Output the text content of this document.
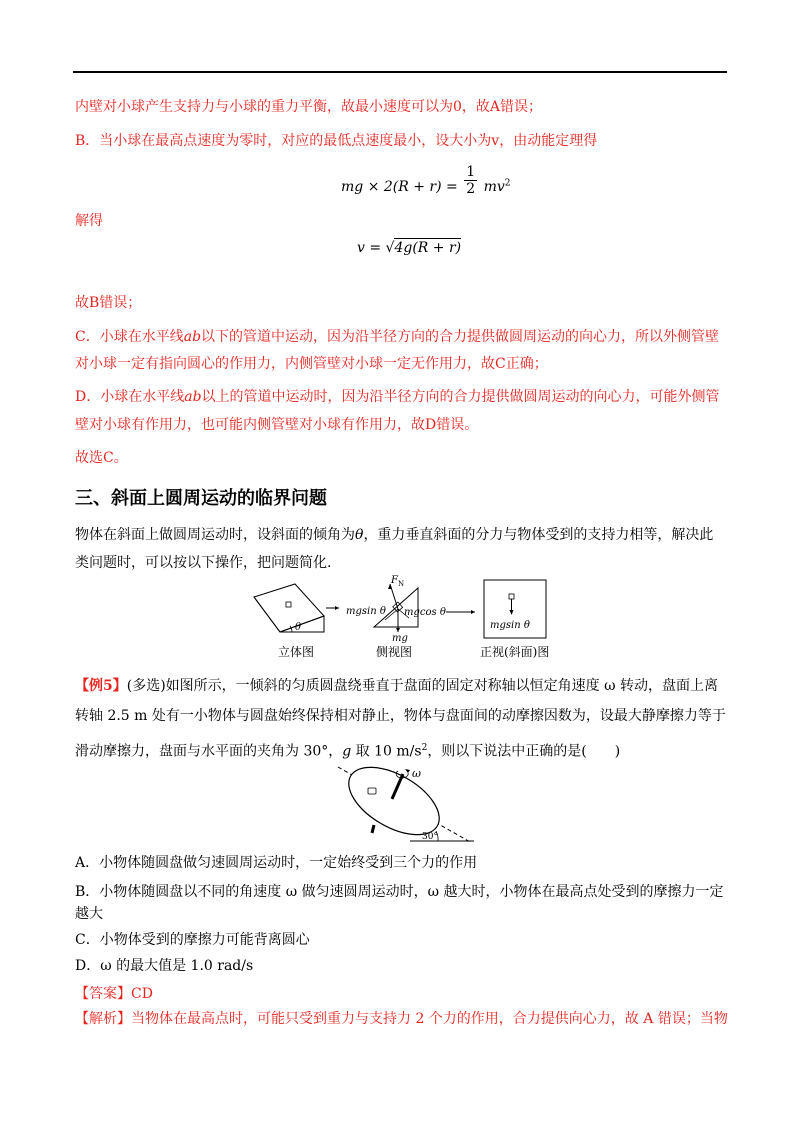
内壁对小球产生支持力与小球的重力平衡，故最小速度可以为0，故A错误；
B．当小球在最高点速度为零时，对应的最低点速度最小，设大小为v，由动能定理得
mg × $2(R + r) = \frac{1}{2} mv^2$
解得
v = √4g(R + r)
故B错误；
C．小球在水平线ab以下的管道中运动，因为沿半径方向的合力提供做圆周运动的向心力，所以外侧管壁
对小球一定有指向圆心的作用力，内侧管壁对小球一定无作用力，故C正确；
D．小球在水平线ab以上的管道中运动时，因为沿半径方向的合力提供做圆周运动的向心力，可能外侧管
壁对小球有作用力，也可能内侧管壁对小球有作用力，故D错误。
故选C。
三、斜面上圆周运动的临界问题
物体在斜面上做圆周运动时，设斜面的倾角为θ，重力垂直斜面的分力与物体受到的支持力相等，解决此
类问题时，可以按以下操作，把问题简化.
θ
mgsin θ
$F_N$
mgcos θ
mg
mgsin θ
立体图	侧视图	正视(斜面)图
【例5】(多选)如图所示，一倾斜的匀质圆盘绕垂直于盘面的固定对称轴以恒定角速度 ω 转动，盘面上离
转轴 2.5 m 处有一小物体与圆盘始终保持相对静止，物体与盘面间的动摩擦因数为，设最大静摩擦力等于
滑动摩擦力，盘面与水平面的夹角为 30°，g 取 10 $m/s^2$，则以下说法中正确的是(　　)
ω
30°
A．小物体随圆盘做匀速圆周运动时，一定始终受到三个力的作用
B．小物体随圆盘以不同的角速度 ω 做匀速圆周运动时，ω 越大时，小物体在最高点处受到的摩擦力一定
越大
C．小物体受到的摩擦力可能背离圆心
D．ω 的最大值是 1.0 rad/s
【答案】CD
【解析】当物体在最高点时，可能只受到重力与支持力 2 个力的作用，合力提供向心力，故 A 错误；当物
